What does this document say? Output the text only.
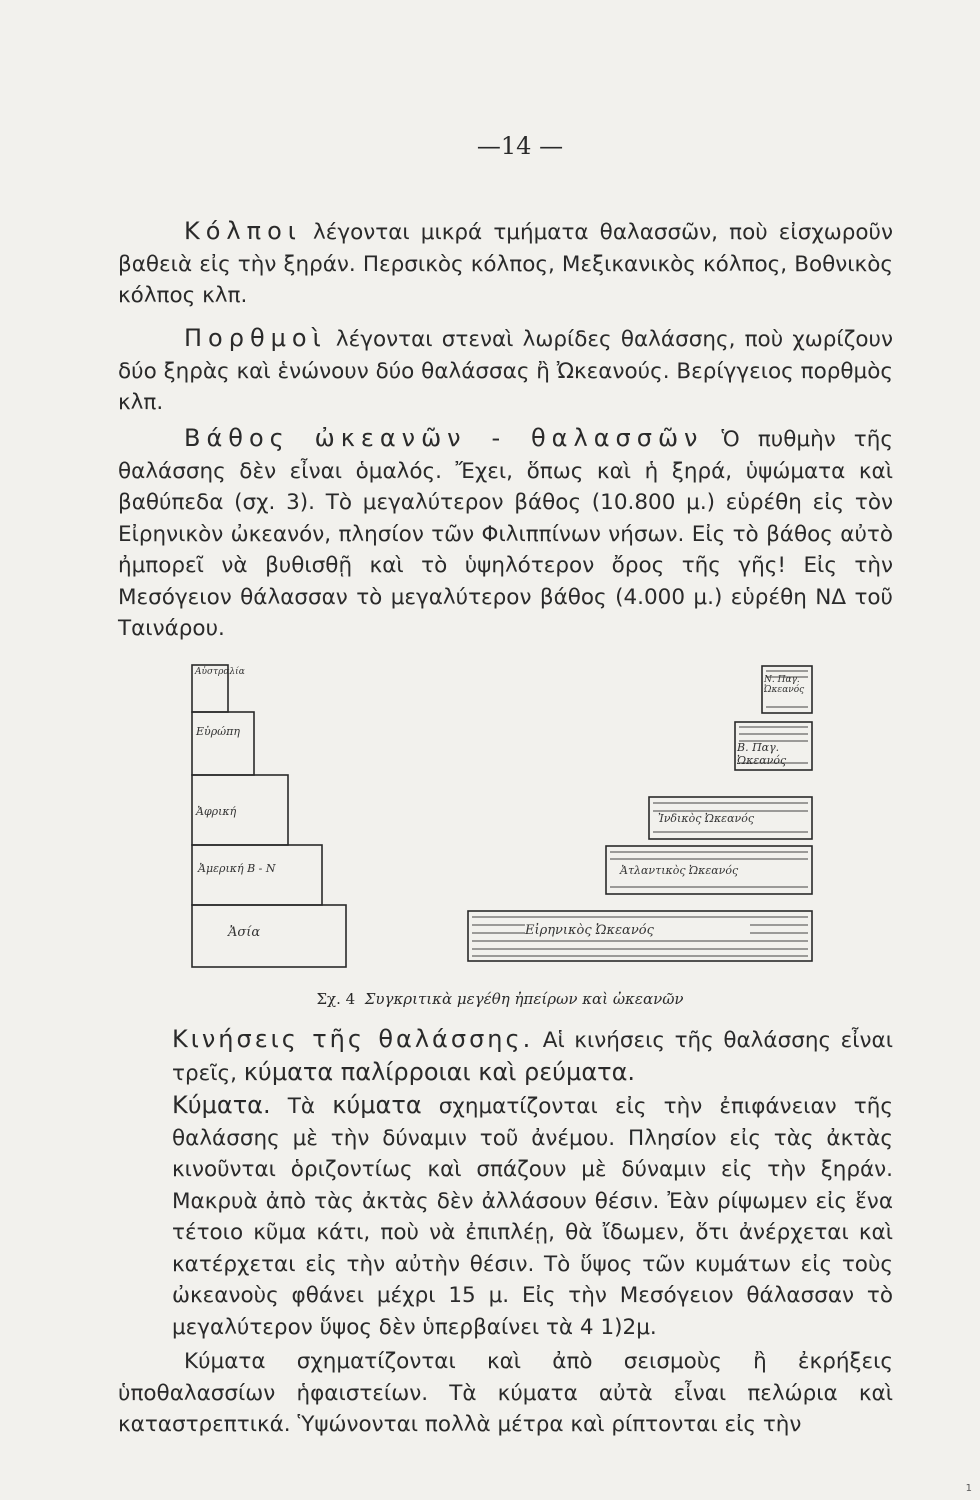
—14 —

Κόλποι λέγονται μικρά τμήματα θαλασσῶν, ποὺ εἰσχωροῦν βαθειὰ εἰς τὴν ξηράν. Περσικὸς κόλπος, Μεξικανικὸς κόλπος, Βοθνικὸς κόλπος κλπ.

Πορθμοὶ λέγονται στεναὶ λωρίδες θαλάσσης, ποὺ χωρίζουν δύο ξηρὰς καὶ ἑνώνουν δύο θαλάσσας ἢ Ὠκεανούς. Βερίγγειος πορθμὸς κλπ.

Βάθος ὠκεανῶν - θαλασσῶν Ὁ πυθμὴν τῆς θαλάσσης δὲν εἶναι ὁμαλός. Ἔχει, ὅπως καὶ ἡ ξηρά, ὑψώματα καὶ βαθύπεδα (σχ. 3). Τὸ μεγαλύτερον βάθος (10.800 μ.) εὑρέθη εἰς τὸν Εἰρηνικὸν ὠκεανόν, πλησίον τῶν Φιλιππίνων νήσων. Εἰς τὸ βάθος αὐτὸ ἠμπορεῖ νὰ βυθισθῇ καὶ τὸ ὑψηλότερον ὄρος τῆς γῆς! Εἰς τὴν Μεσόγειον θάλασσαν τὸ μεγαλύτερον βάθος (4.000 μ.) εὑρέθη ΝΔ τοῦ Ταινάρου.

Αὐστραλία
Εὐρώπη
Ἀφρική
Ἀμερική Β - Ν
Ἀσία
Ν. Παγ. Ὠκεανός
Β. Παγ. Ὠκεανός
Ἰνδικὸς Ὠκεανός
Ἀτλαντικὸς Ὠκεανός
Εἰρηνικὸς Ὠκεανός
Σχ. 4 Συγκριτικὰ μεγέθη ἠπείρων καὶ ὠκεανῶν

Κινήσεις τῆς θαλάσσης. Αἱ κινήσεις τῆς θαλάσσης εἶναι τρεῖς, κύματα παλίρροιαι καὶ ρεύματα.

Κύματα. Τὰ κύματα σχηματίζονται εἰς τὴν ἐπιφάνειαν τῆς θαλάσσης μὲ τὴν δύναμιν τοῦ ἀνέμου. Πλησίον εἰς τὰς ἀκτὰς κινοῦνται ὁριζοντίως καὶ σπάζουν μὲ δύναμιν εἰς τὴν ξηράν. Μακρυὰ ἀπὸ τὰς ἀκτὰς δὲν ἀλλάσουν θέσιν. Ἐὰν ρίψωμεν εἰς ἕνα τέτοιο κῦμα κάτι, ποὺ νὰ ἐπιπλέῃ, θὰ ἴδωμεν, ὅτι ἀνέρχεται καὶ κατέρχεται εἰς τὴν αὐτὴν θέσιν. Τὸ ὕψος τῶν κυμάτων εἰς τοὺς ὠκεανοὺς φθάνει μέχρι 15 μ. Εἰς τὴν Μεσόγειον θάλασσαν τὸ μεγαλύτερον ὕψος δὲν ὑπερβαίνει τὰ 4 1)2μ.

Κύματα σχηματίζονται καὶ ἀπὸ σεισμοὺς ἢ ἐκρήξεις ὑποθαλασσίων ἡφαιστείων. Τὰ κύματα αὐτὰ εἶναι πελώρια καὶ καταστρεπτικά. Ὑψώνονται πολλὰ μέτρα καὶ ρίπτονται εἰς τὴν

1
